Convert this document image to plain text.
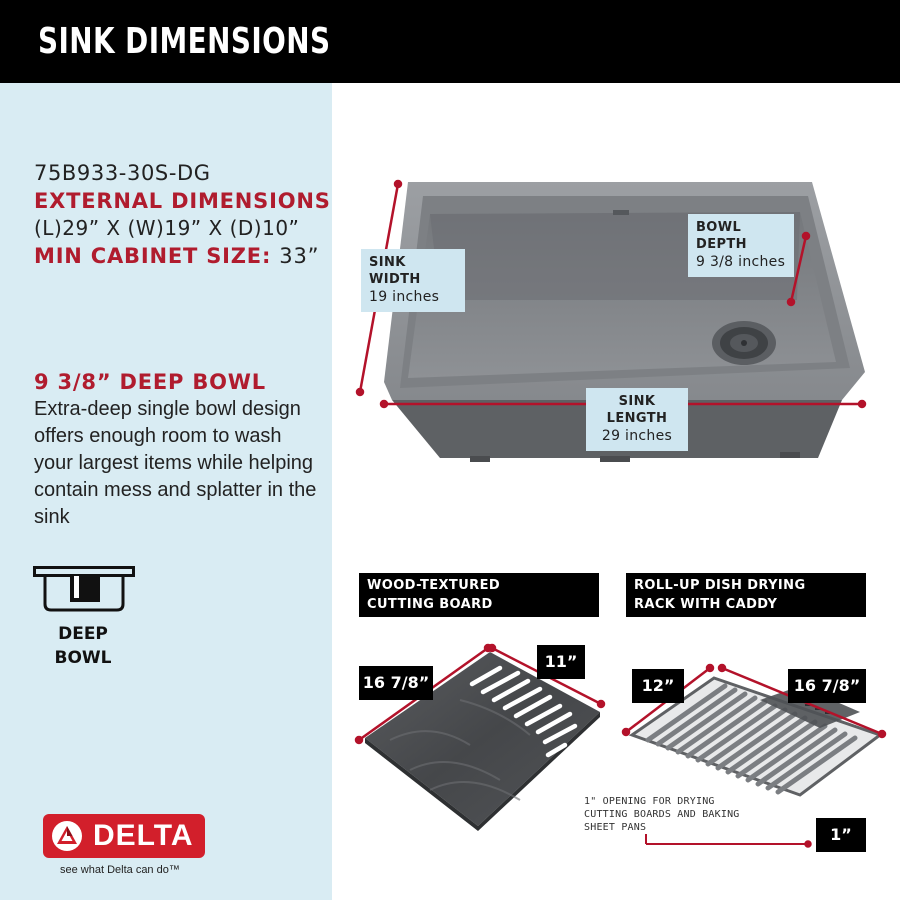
SINK DIMENSIONS
75B933-30S-DG
EXTERNAL DIMENSIONS
(L)29” X (W)19” X (D)10”
MIN CABINET SIZE: 33”
9 3/8” DEEP BOWL
Extra-deep single bowl design offers enough room to wash your largest items while helping contain mess and splatter in the sink
DEEP
BOWL
DELTA
see what Delta can do™
SINK WIDTH
19 inches
BOWL DEPTH
9 3/8 inches
SINK LENGTH
29 inches
WOOD-TEXTURED
CUTTING BOARD
ROLL-UP DISH DRYING
RACK WITH CADDY
16 7/8”
11”
12”	16 7/8”
1”
1" OPENING FOR DRYING CUTTING BOARDS AND BAKING SHEET PANS
